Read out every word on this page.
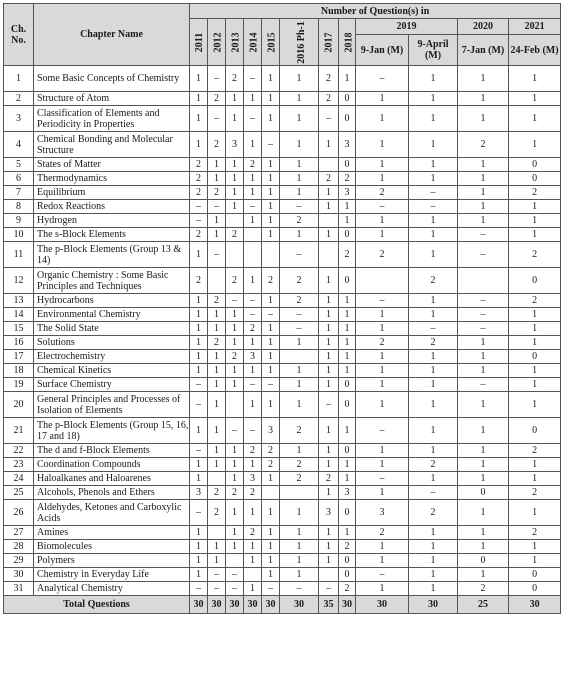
Ch. No.	Chapter Name	Number of Question(s) in											
		2011	2012	2013	2014	2015	2016 Ph-1	2017	2018	2019		2020	2021
										9-Jan (M)	9-April (M)	7-Jan (M)	24-Feb (M)
1	Some Basic Concepts of Chemistry	1	–	2	–	1	1	2	1	–	1	1	1
2	Structure of Atom	1	2	1	1	1	1	2	0	1	1	1	1
3	Classification of Elements and Periodicity in Properties	1	–	1	–	1	1	–	0	1	1	1	1
4	Chemical Bonding and Molecular Structure	1	2	3	1	–	1	1	3	1	1	2	1
5	States of Matter	2	1	1	2	1	1		0	1	1	1	0
6	Thermodynamics	2	1	1	1	1	1	2	2	1	1	1	0
7	Equilibrium	2	2	1	1	1	1	1	3	2	–	1	2
8	Redox Reactions	–	–	1	–	1	–	1	1	–	–	1	1
9	Hydrogen	–	1		1	1	2		1	1	1	1	1
10	The s-Block Elements	2	1	2		1	1	1	0	1	1	–	1
11	The p-Block Elements (Group 13 & 14)	1	–				–		2	2	1	–	2
12	Organic Chemistry : Some Basic Principles and Techniques	2		2	1	2	2	1	0		2		0
13	Hydrocarbons	1	2	–	–	1	2	1	1	–	1	–	2
14	Environmental Chemistry	1	1	1	–	–	–	1	1	1	1	–	1
15	The Solid State	1	1	1	2	1	–	1	1	1	–	–	1
16	Solutions	1	2	1	1	1	1	1	1	2	2	1	1
17	Electrochemistry	1	1	2	3	1		1	1	1	1	1	0
18	Chemical Kinetics	1	1	1	1	1	1	1	1	1	1	1	1
19	Surface Chemistry	–	1	1	–	–	1	1	0	1	1	–	1
20	General Principles and Processes of Isolation of Elements	–	1		1	1	1	–	0	1	1	1	1
21	The p-Block Elements (Group 15, 16, 17 and 18)	1	1	–	–	3	2	1	1	–	1	1	0
22	The d and f-Block Elements	–	1	1	2	2	1	1	0	1	1	1	2
23	Coordination Compounds	1	1	1	1	2	2	1	1	1	2	1	1
24	Haloalkanes and Haloarenes	1		1	3	1	2	2	1	–	1	1	1
25	Alcohols, Phenols and Ethers	3	2	2	2			1	3	1	–	0	2
26	Aldehydes, Ketones and Carboxylic Acids	–	2	1	1	1	1	3	0	3	2	1	1
27	Amines	1		1	2	1	1	1	1	2	1	1	2
28	Biomolecules	1	1	1	1	1	1	1	2	1	1	1	1
29	Polymers	1	1		1	1	1	1	0	1	1	0	1
30	Chemistry in Everyday Life	1	–	–		1	1		0	–	1	1	0
31	Analytical Chemistry	–	–	–	1	–	–	–	2	1	1	2	0
Total Questions		30	30	30	30	30	30	35	30	30	30	25	30
